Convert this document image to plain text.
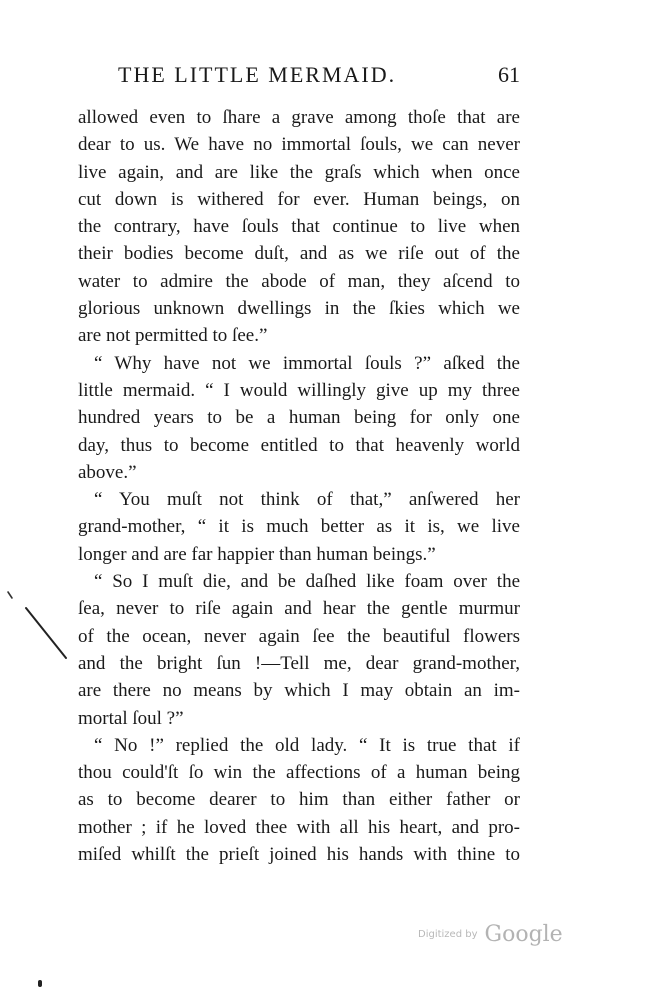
THE LITTLE MERMAID.	61
allowed even to ſhare a grave among thoſe that are
dear to us. We have no immortal ſouls, we can never
live again, and are like the graſs which when once
cut down is withered for ever. Human beings, on
the contrary, have ſouls that continue to live when
their bodies become duſt, and as we riſe out of the
water to admire the abode of man, they aſcend to
glorious unknown dwellings in the ſkies which we
are not permitted to ſee.”
“ Why have not we immortal ſouls ?” aſked the
little mermaid. “ I would willingly give up my three
hundred years to be a human being for only one
day, thus to become entitled to that heavenly world
above.”
“ You muſt not think of that,” anſwered her
grand-mother, “ it is much better as it is, we live
longer and are far happier than human beings.”
“ So I muſt die, and be daſhed like foam over the
ſea, never to riſe again and hear the gentle murmur
of the ocean, never again ſee the beautiful flowers
and the bright ſun !—Tell me, dear grand-mother,
are there no means by which I may obtain an im-
mortal ſoul ?”
“ No !” replied the old lady. “ It is true that if
thou could'ſt ſo win the affections of a human being
as to become dearer to him than either father or
mother ; if he loved thee with all his heart, and pro-
miſed whilſt the prieſt joined his hands with thine to
Digitized by Google
